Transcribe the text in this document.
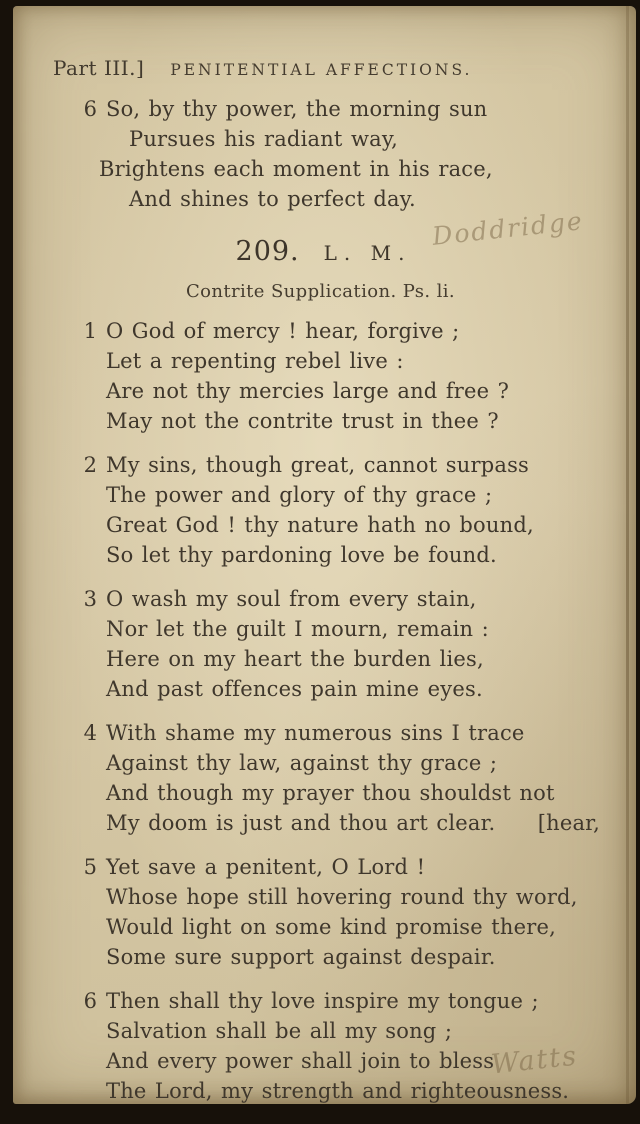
Part III.] PENITENTIAL AFFECTIONS.
6 So, by thy power, the morning sun
Pursues his radiant way,
Brightens each moment in his race,
And shines to perfect day.
Doddridge
209. L. M.
Contrite Supplication. Ps. li.
1 O God of mercy ! hear, forgive ;
Let a repenting rebel live :
Are not thy mercies large and free ?
May not the contrite trust in thee ?
2 My sins, though great, cannot surpass
The power and glory of thy grace ;
Great God ! thy nature hath no bound,
So let thy pardoning love be found.
3 O wash my soul from every stain,
Nor let the guilt I mourn, remain :
Here on my heart the burden lies,
And past offences pain mine eyes.
4 With shame my numerous sins I trace
Against thy law, against thy grace ;
And though my prayer thou shouldst not
My doom is just and thou art clear. [hear,
5 Yet save a penitent, O Lord !
Whose hope still hovering round thy word,
Would light on some kind promise there,
Some sure support against despair.
6 Then shall thy love inspire my tongue ;
Salvation shall be all my song ;
And every power shall join to bless
The Lord, my strength and righteousness.
Watts
